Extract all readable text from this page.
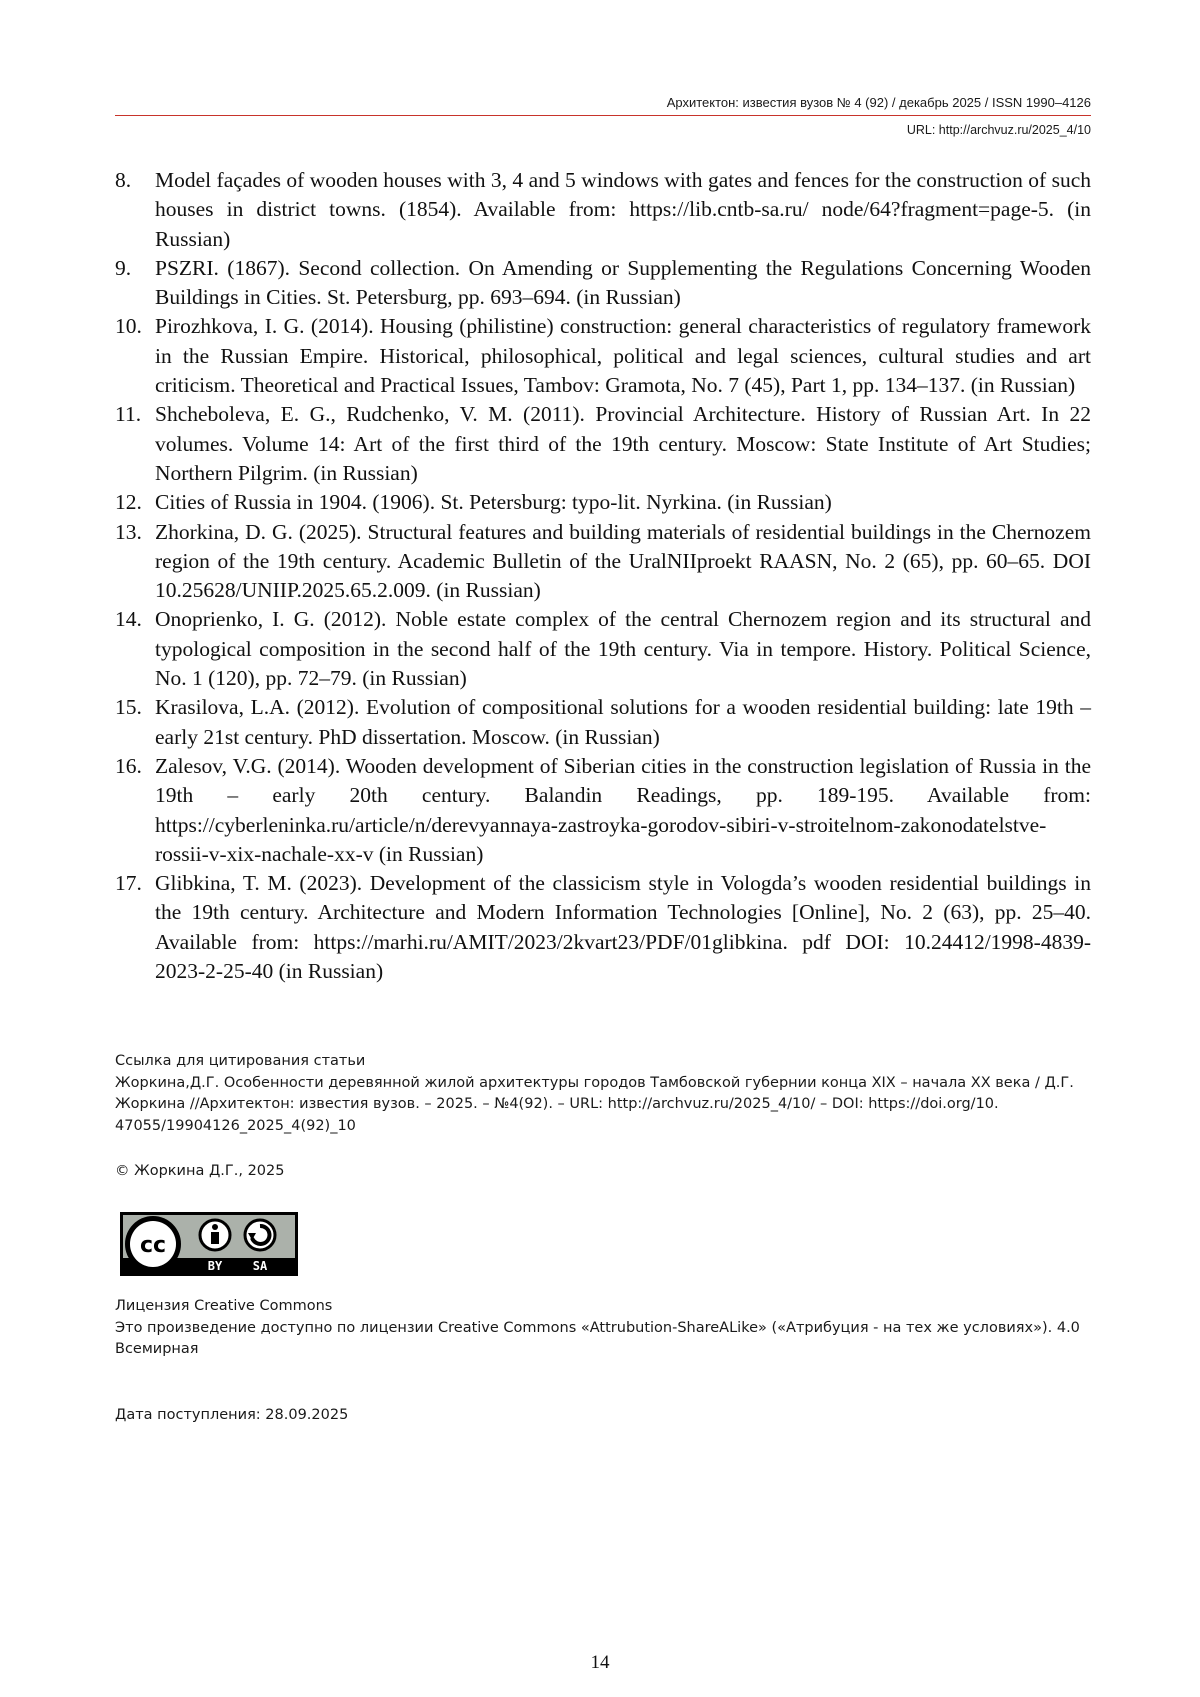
Архитектон: известия вузов № 4 (92) / декабрь 2025 / ISSN 1990–4126
URL: http://archvuz.ru/2025_4/10
8. Model façades of wooden houses with 3, 4 and 5 windows with gates and fences for the construction of such houses in district towns. (1854). Available from: https://lib.cntb-sa.ru/ node/64?fragment=page-5. (in Russian)
9. PSZRI. (1867). Second collection. On Amending or Supplementing the Regulations Concerning Wooden Buildings in Cities. St. Petersburg, pp. 693–694. (in Russian)
10. Pirozhkova, I. G. (2014). Housing (philistine) construction: general characteristics of regulatory framework in the Russian Empire. Historical, philosophical, political and legal sciences, cultural studies and art criticism. Theoretical and Practical Issues, Tambov: Gramota, No. 7 (45), Part 1, pp. 134–137. (in Russian)
11. Shcheboleva, E. G., Rudchenko, V. M. (2011). Provincial Architecture. History of Russian Art. In 22 volumes. Volume 14: Art of the first third of the 19th century. Moscow: State Institute of Art Studies; Northern Pilgrim. (in Russian)
12. Cities of Russia in 1904. (1906). St. Petersburg: typo-lit. Nyrkina. (in Russian)
13. Zhorkina, D. G. (2025). Structural features and building materials of residential buildings in the Chernozem region of the 19th century. Academic Bulletin of the UralNIIproekt RAASN, No. 2 (65), pp. 60–65. DOI 10.25628/UNIIP.2025.65.2.009. (in Russian)
14. Onoprienko, I. G. (2012). Noble estate complex of the central Chernozem region and its structural and typological composition in the second half of the 19th century. Via in tempore. History. Political Science, No. 1 (120), pp. 72–79. (in Russian)
15. Krasilova, L.A. (2012). Evolution of compositional solutions for a wooden residential building: late 19th – early 21st century. PhD dissertation. Moscow. (in Russian)
16. Zalesov, V.G. (2014). Wooden development of Siberian cities in the construction legislation of Russia in the 19th – early 20th century. Balandin Readings, pp. 189-195. Available from: https://cyberleninka.ru/article/n/derevyannaya-zastroyka-gorodov-sibiri-v-stroitelnom-zakonodatelstve-rossii-v-xix-nachale-xx-v (in Russian)
17. Glibkina, T. M. (2023). Development of the classicism style in Vologda’s wooden residential buildings in the 19th century. Architecture and Modern Information Technologies [Online], No. 2 (63), pp. 25–40. Available from: https://marhi.ru/AMIT/2023/2kvart23/PDF/01glibkina. pdf DOI: 10.24412/1998-4839-2023-2-25-40 (in Russian)
Ссылка для цитирования статьи
Жоркина,Д.Г. Особенности деревянной жилой архитектуры городов Тамбовской губернии конца XIX – начала XX века / Д.Г. Жоркина //Архитектон: известия вузов. – 2025. – №4(92). – URL: http://archvuz.ru/2025_4/10/ – DOI: https://doi.org/10. 47055/19904126_2025_4(92)_10
© Жоркина Д.Г., 2025
cc
BY	SA
Лицензия Creative Commons
Это произведение доступно по лицензии Creative Commons «Attrubution-ShareALike» («Атрибуция - на тех же условиях»). 4.0 Всемирная
Дата поступления: 28.09.2025
14
